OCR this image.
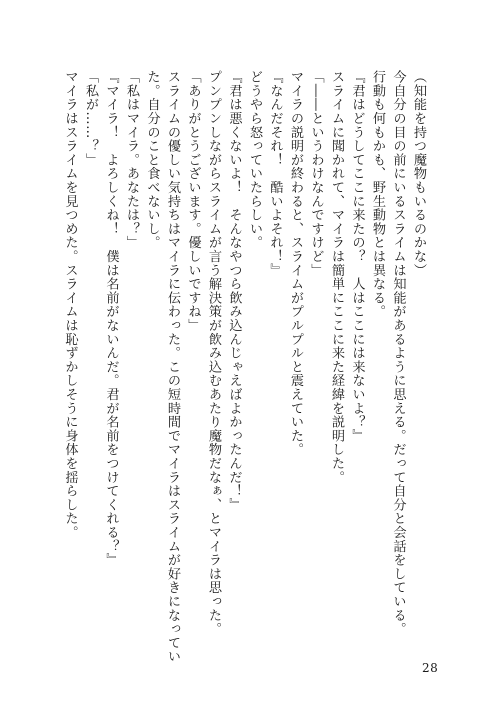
（知能を持つ魔物もいるのかな）
今自分の目の前にいるスライムは知能があるように思える。だって自分と会話をしている。
行動も何もかも、野生動物とは異なる。
『君はどうしてここに来たの？　人はここには来ないよ？』
スライムに聞かれて、マイラは簡単にここに来た経緯を説明した。
「――というわけなんですけど」
マイラの説明が終わると、スライムがプルプルと震えていた。
『なんだそれ！　酷いよそれ！』
どうやら怒っていたらしい。
『君は悪くないよ！　そんなやつら飲み込んじゃえばよかったんだ！』
プンプンしながらスライムが言う解決策が飲み込むあたり魔物だなぁ、とマイラは思った。
「ありがとうございます。優しいですね」
スライムの優しい気持ちはマイラに伝わった。この短時間でマイラはスライムが好きになってい
た。自分のこと食べないし。
「私はマイラ。あなたは？」
『マイラ！　よろしくね！　僕は名前がないんだ。君が名前をつけてくれる？』
「私が……？」
マイラはスライムを見つめた。スライムは恥ずかしそうに身体を揺らした。
28
